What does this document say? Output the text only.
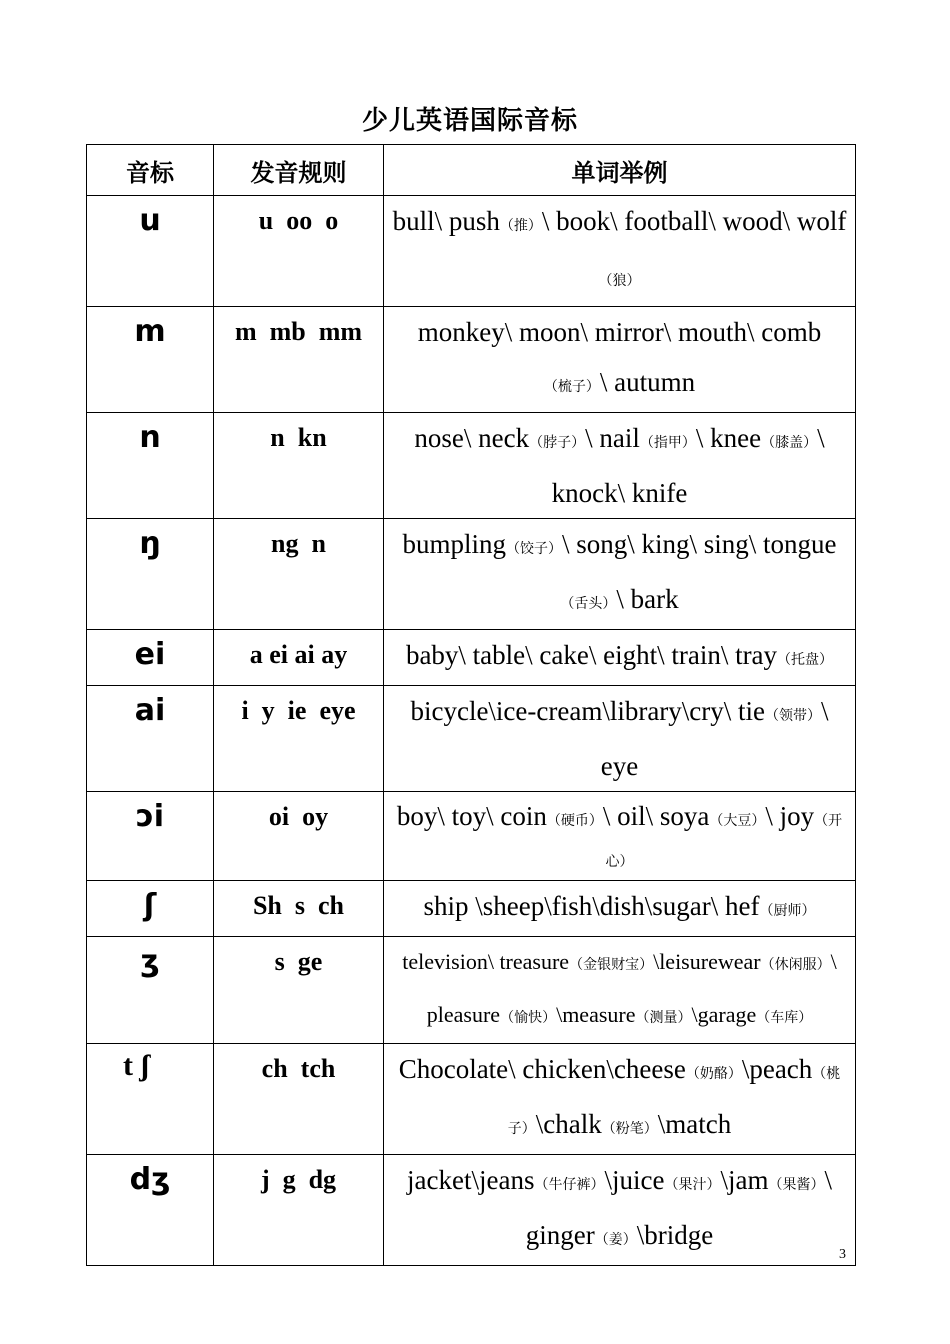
少儿英语国际音标
音标	发音规则	单词举例
u	u  oo  o	bull\ push（推）\ book\ football\ wood\ wolf（狼）
m	m  mb  mm	monkey\ moon\ mirror\ mouth\ comb（梳子）\ autumn
n	n  kn	nose\ neck（脖子）\ nail（指甲）\ knee（膝盖）\ knock\ knife
ŋ	ng  n	bumpling（饺子）\ song\ king\ sing\ tongue（舌头）\ bark
ei	a ei ai ay	baby\ table\ cake\ eight\ train\ tray（托盘）
ai	i  y  ie  eye	bicycle\ice-cream\library\cry\ tie（领带）\ eye
ɔi	oi  oy	boy\ toy\ coin（硬币）\ oil\ soya（大豆）\ joy（开心）
ʃ	Sh  s  ch	ship \sheep\fish\dish\sugar\ hef（厨师）
ʒ	s  ge	television\ treasure（金银财宝）\leisurewear（休闲服）\ pleasure（愉快）\measure（测量）\garage（车库）
t ʃ	ch  tch	Chocolate\ chicken\cheese（奶酪）\peach（桃子）\chalk（粉笔）\match
dʒ	j  g  dg	jacket\jeans（牛仔裤）\juice（果汁）\jam（果酱）\ ginger（姜）\bridge
3
